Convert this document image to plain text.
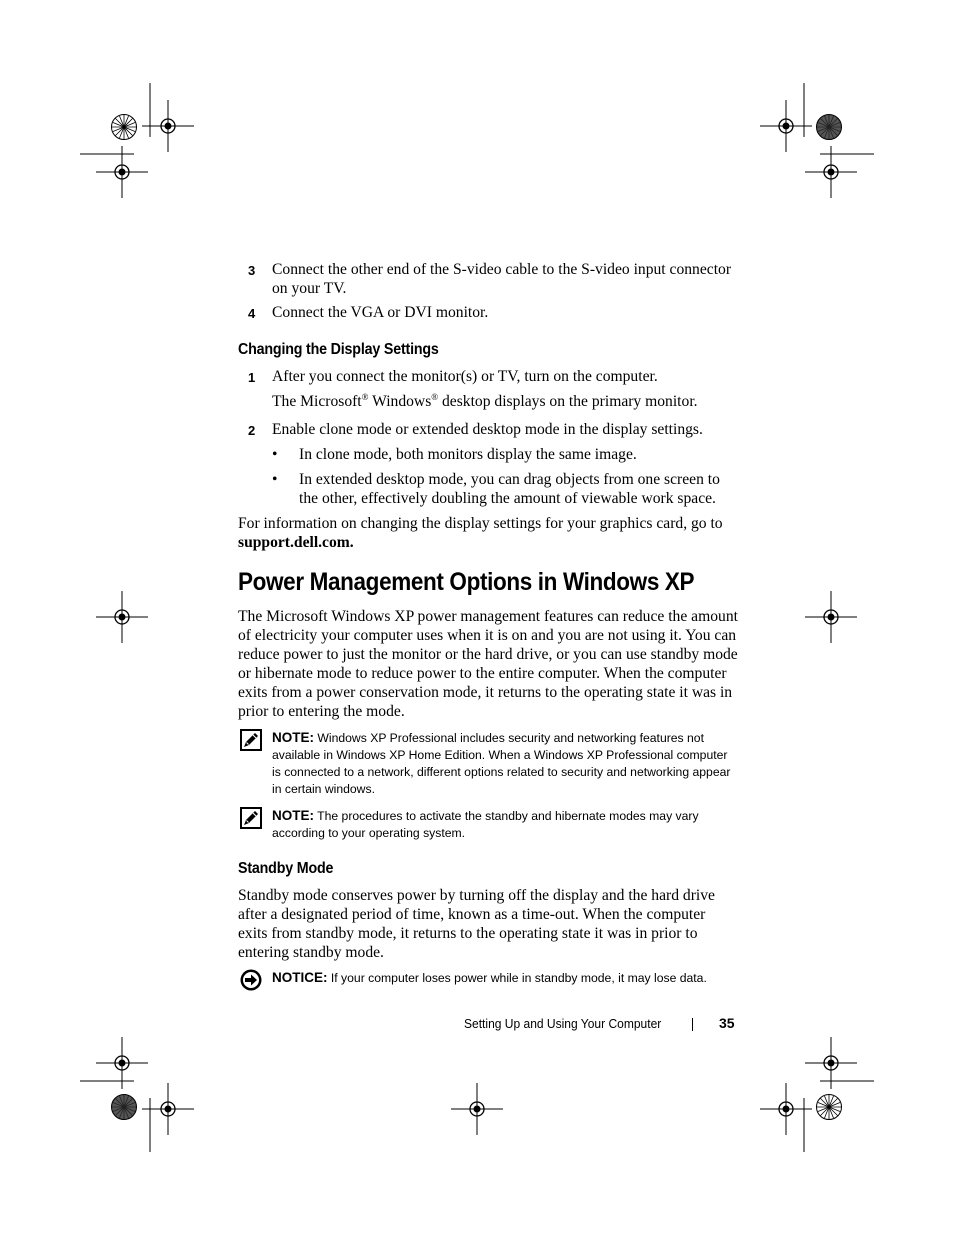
3 Connect the other end of the S-video cable to the S-video input connector on your TV.
4 Connect the VGA or DVI monitor.
Changing the Display Settings
1 After you connect the monitor(s) or TV, turn on the computer.
The Microsoft® Windows® desktop displays on the primary monitor.
2 Enable clone mode or extended desktop mode in the display settings.
• In clone mode, both monitors display the same image.
• In extended desktop mode, you can drag objects from one screen to the other, effectively doubling the amount of viewable work space.
For information on changing the display settings for your graphics card, go to support.dell.com.
Power Management Options in Windows XP
The Microsoft Windows XP power management features can reduce the amount of electricity your computer uses when it is on and you are not using it. You can reduce power to just the monitor or the hard drive, or you can use standby mode or hibernate mode to reduce power to the entire computer. When the computer exits from a power conservation mode, it returns to the operating state it was in prior to entering the mode.
NOTE: Windows XP Professional includes security and networking features not available in Windows XP Home Edition. When a Windows XP Professional computer is connected to a network, different options related to security and networking appear in certain windows.
NOTE: The procedures to activate the standby and hibernate modes may vary according to your operating system.
Standby Mode
Standby mode conserves power by turning off the display and the hard drive after a designated period of time, known as a time-out. When the computer exits from standby mode, it returns to the operating state it was in prior to entering standby mode.
NOTICE: If your computer loses power while in standby mode, it may lose data.
Setting Up and Using Your Computer	35
